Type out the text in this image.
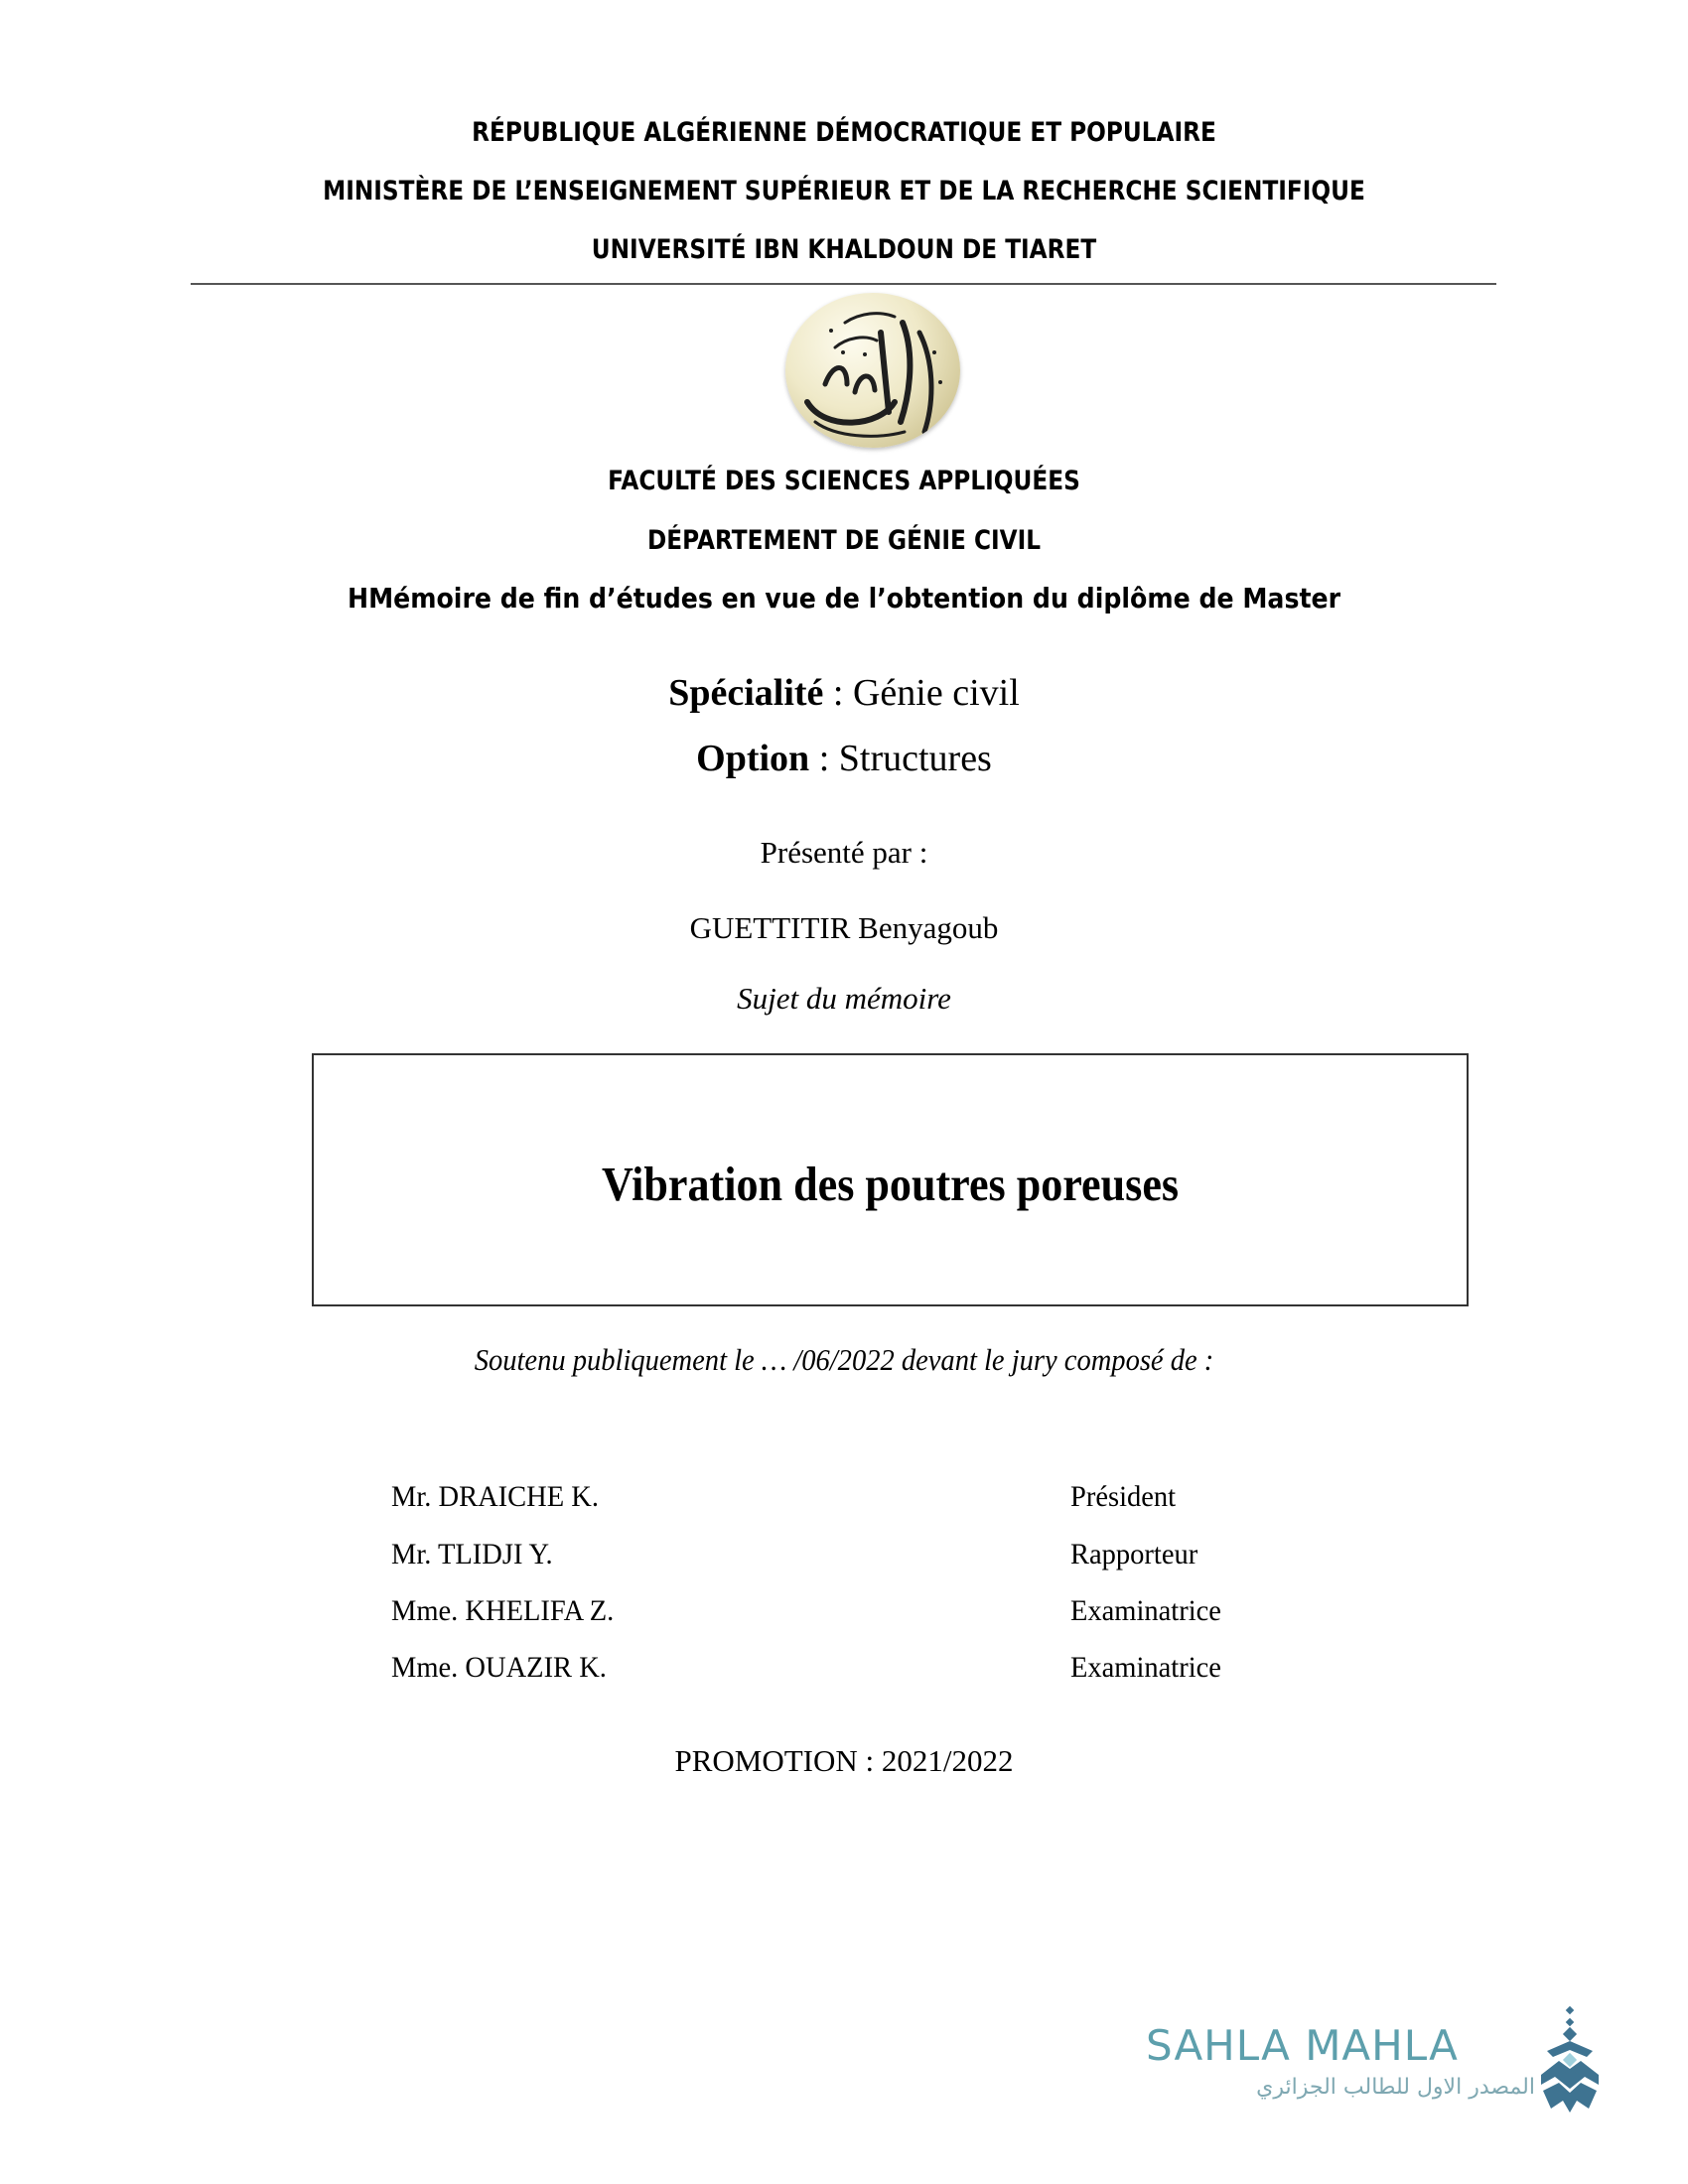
RÉPUBLIQUE ALGÉRIENNE DÉMOCRATIQUE ET POPULAIRE
MINISTÈRE DE L’ENSEIGNEMENT SUPÉRIEUR ET DE LA RECHERCHE SCIENTIFIQUE
UNIVERSITÉ IBN KHALDOUN DE TIARET
FACULTÉ DES SCIENCES APPLIQUÉES
DÉPARTEMENT DE GÉNIE CIVIL
HMémoire de fin d’études en vue de l’obtention du diplôme de Master
Spécialité : Génie civil
Option : Structures
Présenté par :
GUETTITIR Benyagoub
Sujet du mémoire
Vibration des poutres poreuses
Soutenu publiquement le … /06/2022 devant le jury composé de :
Mr. DRAICHE K.	Président
Mr. TLIDJI Y.	Rapporteur
Mme. KHELIFA Z.	Examinatrice
Mme. OUAZIR K.	Examinatrice
PROMOTION : 2021/2022
SAHLA MAHLA
المصدر الاول للطالب الجزائري
